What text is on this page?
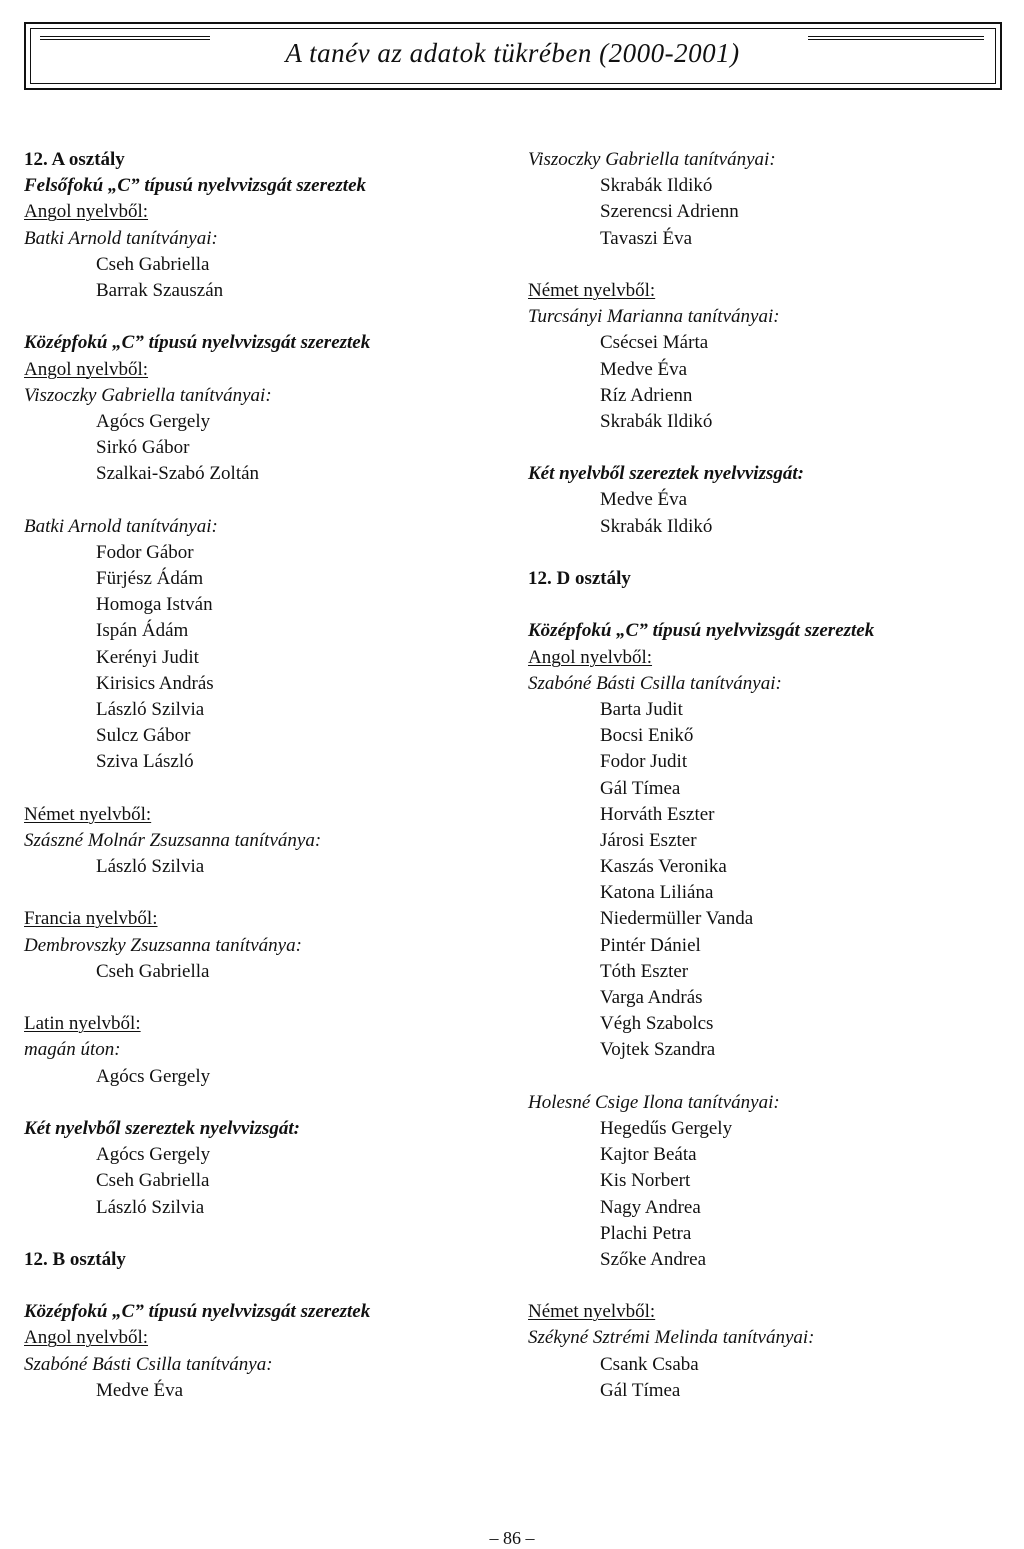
A tanév az adatok tükrében (2000-2001)
12. A osztály
Felsőfokú „C” típusú nyelvvizsgát szereztek
Angol nyelvből:
Batki Arnold tanítványai:
Cseh Gabriella
Barrak Szauszán
Középfokú „C” típusú nyelvvizsgát szereztek
Angol nyelvből:
Viszoczky Gabriella tanítványai:
Agócs Gergely
Sirkó Gábor
Szalkai-Szabó Zoltán
Batki Arnold tanítványai:
Fodor Gábor
Fürjész Ádám
Homoga István
Ispán Ádám
Kerényi Judit
Kirisics András
László Szilvia
Sulcz Gábor
Sziva László
Német nyelvből:
Szászné Molnár Zsuzsanna tanítványa:
László Szilvia
Francia nyelvből:
Dembrovszky Zsuzsanna tanítványa:
Cseh Gabriella
Latin nyelvből:
magán úton:
Agócs Gergely
Két nyelvből szereztek nyelvvizsgát:
Agócs Gergely
Cseh Gabriella
László Szilvia
12. B osztály
Középfokú „C” típusú nyelvvizsgát szereztek
Angol nyelvből:
Szabóné Básti Csilla tanítványa:
Medve Éva
Viszoczky Gabriella tanítványai:
Skrabák Ildikó
Szerencsi Adrienn
Tavaszi Éva
Német nyelvből:
Turcsányi Marianna tanítványai:
Csécsei Márta
Medve Éva
Ríz Adrienn
Skrabák Ildikó
Két nyelvből szereztek nyelvvizsgát:
Medve Éva
Skrabák Ildikó
12. D osztály
Középfokú „C” típusú nyelvvizsgát szereztek
Angol nyelvből:
Szabóné Básti Csilla tanítványai:
Barta Judit
Bocsi Enikő
Fodor Judit
Gál Tímea
Horváth Eszter
Járosi Eszter
Kaszás Veronika
Katona Liliána
Niedermüller Vanda
Pintér Dániel
Tóth Eszter
Varga András
Végh Szabolcs
Vojtek Szandra
Holesné Csige Ilona tanítványai:
Hegedűs Gergely
Kajtor Beáta
Kis Norbert
Nagy Andrea
Plachi Petra
Szőke Andrea
Német nyelvből:
Székyné Sztrémi Melinda tanítványai:
Csank Csaba
Gál Tímea
– 86 –
